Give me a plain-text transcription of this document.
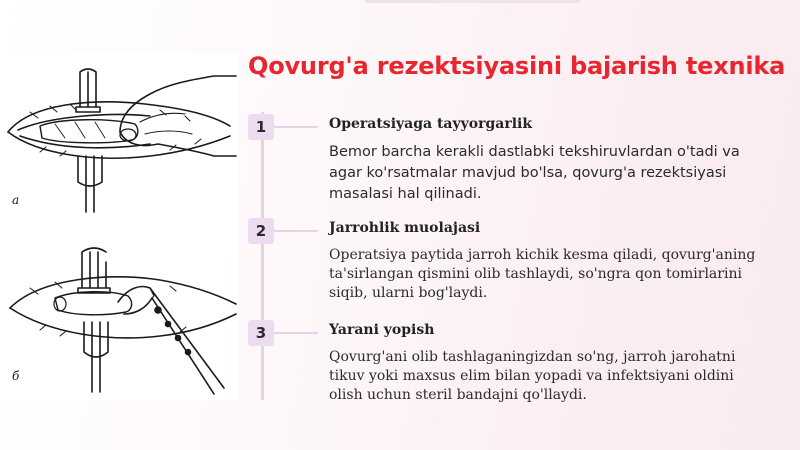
a
б
Qovurg'a rezektsiyasini bajarish texnika
1	Operatsiyaga tayyorgarlik

Bemor barcha kerakli dastlabki tekshiruvlardan o'tadi va agar ko'rsatmalar mavjud bo'lsa, qovurg'a rezektsiyasi masalasi hal qilinadi.

2	Jarrohlik muolajasi

Operatsiya paytida jarroh kichik kesma qiladi, qovurg'aning ta'sirlangan qismini olib tashlaydi, so'ngra qon tomirlarini siqib, ularni bog'laydi.

3	Yarani yopish

Qovurg'ani olib tashlaganingizdan so'ng, jarroh jarohatni tikuv yoki maxsus elim bilan yopadi va infektsiyani oldini olish uchun steril bandajni qo'llaydi.
